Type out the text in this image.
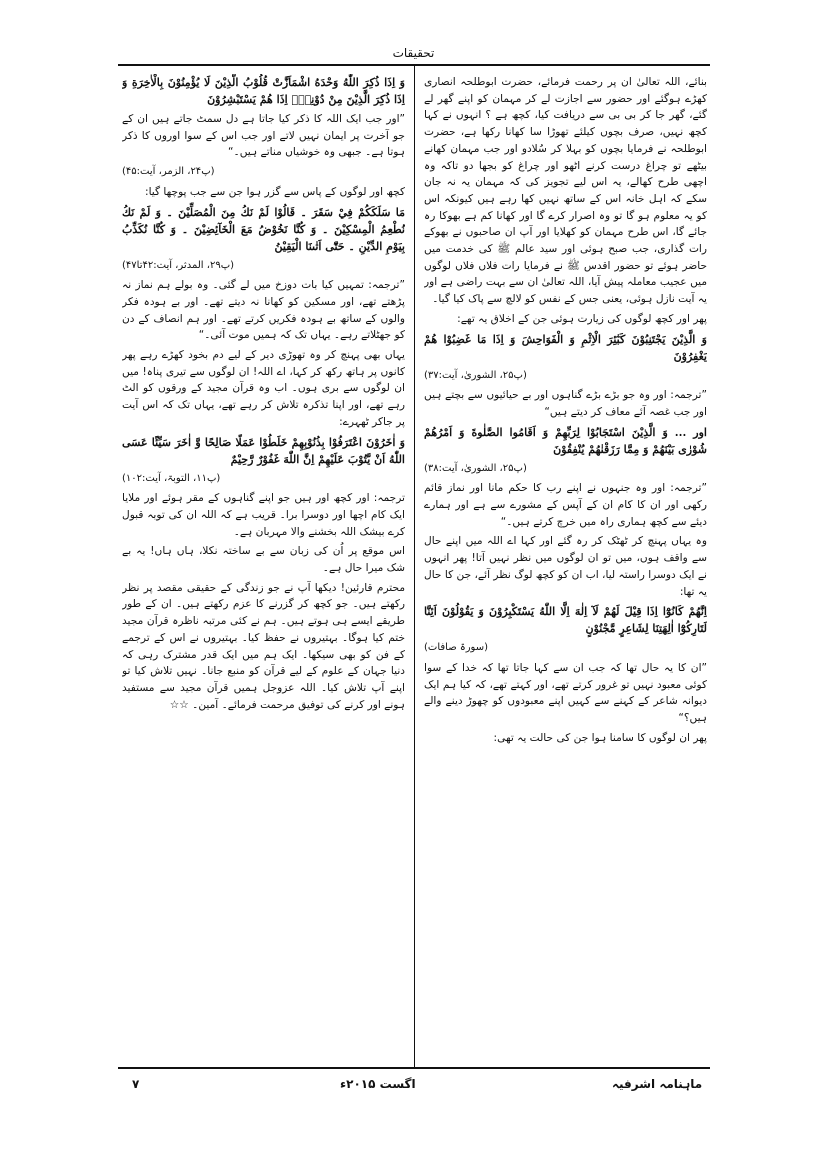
تحقیقات

بنائے، اللہ تعالیٰ ان پر رحمت فرمائے، حضرت ابوطلحہ انصاری کھڑے ہوگئے اور حضور سے اجازت لے کر مہمان کو اپنے گھر لے گئے، گھر جا کر بی بی سے دریافت کیا، کچھ ہے ؟ انہوں نے کہا کچھ نہیں، صرف بچوں کیلئے تھوڑا سا کھانا رکھا ہے، حضرت ابوطلحہ نے فرمایا بچوں کو بہلا کر سُلادو اور جب مہمان کھانے بیٹھے تو چراغ درست کرنے اٹھو اور چراغ کو بجھا دو تاکہ وہ اچھی طرح کھالے، یہ اس لیے تجویز کی کہ مہمان یہ نہ جان سکے کہ اہل خانہ اس کے ساتھ نہیں کھا رہے ہیں کیونکہ اس کو یہ معلوم ہو گا تو وہ اصرار کرے گا اور کھانا کم ہے بھوکا رہ جائے گا، اس طرح مہمان کو کھلایا اور آپ ان صاحبوں نے بھوکے رات گذاری، جب صبح ہوئی اور سید عالم ﷺ کی خدمت میں حاضر ہوئے تو حضور اقدس ﷺ نے فرمایا رات فلاں فلاں لوگوں میں عجیب معاملہ پیش آیا، اللہ تعالیٰ ان سے بہت راضی ہے اور یہ آیت نازل ہوئی، یعنی جس کے نفس کو لالچ سے پاک کیا گیا۔

پھر اور کچھ لوگوں کی زیارت ہوئی جن کے اخلاق یہ تھے:

وَ الَّذِيْنَ يَجْتَنِبُوْنَ كَبٰٓئِرَ الْاِثْمِ وَ الْفَوَاحِشَ وَ اِذَا مَا غَضِبُوْا هُمْ يَغْفِرُوْنَ

(پ۲۵، الشوریٰ، آیت:۳۷)

”ترجمہ: اور وہ جو بڑے بڑے گناہوں اور بے حیائیوں سے بچتے ہیں اور جب غصہ آئے معاف کر دیتے ہیں“

اور ... وَ الَّذِيْنَ اسْتَجَابُوْا لِرَبِّهِمْ وَ اَقَامُوا الصَّلٰوةَ وَ اَمْرُهُمْ شُوْرٰى بَيْنَهُمْ وَ مِمَّا رَزَقْنٰهُمْ يُنْفِقُوْنَ

(پ۲۵، الشوریٰ، آیت:۳۸)

”ترجمہ: اور وہ جنہوں نے اپنے رب کا حکم مانا اور نماز قائم رکھی اور ان کا کام ان کے آپس کے مشورے سے ہے اور ہمارے دیئے سے کچھ ہماری راہ میں خرچ کرتے ہیں۔“

وہ یہاں پہنچ کر ٹھٹک کر رہ گئے اور کہا اے اللہ میں اپنے حال سے واقف ہوں، میں تو ان لوگوں میں نظر نہیں آتا! پھر انہوں نے ایک دوسرا راستہ لیا، اب ان کو کچھ لوگ نظر آئے، جن کا حال یہ تھا:

اِنَّهُمْ كَانُوْٓا اِذَا قِيْلَ لَهُمْ لَآ اِلٰهَ اِلَّا اللّٰهُ يَسْتَكْبِرُوْنَ وَ يَقُوْلُوْنَ اَئِنَّا لَتَارِكُوْٓا اٰلِهَتِنَا لِشَاعِرٍ مَّجْنُوْنٍ

(سورۃ صافات)

”ان کا یہ حال تھا کہ جب ان سے کہا جاتا تھا کہ خدا کے سوا کوئی معبود نہیں تو غرور کرتے تھے، اور کہتے تھے، کہ کیا ہم ایک دیوانہ شاعر کے کہنے سے کہیں اپنے معبودوں کو چھوڑ دینے والے ہیں؟“

پھر ان لوگوں کا سامنا ہوا جن کی حالت یہ تھی:

وَ اِذَا ذُكِرَ اللّٰهُ وَحْدَهُ اشْمَاَزَّتْ قُلُوْبُ الَّذِيْنَ لَا يُؤْمِنُوْنَ بِالْاٰخِرَةِ وَ اِذَا ذُكِرَ الَّذِيْنَ مِنْ دُوْنِهٖٓ اِذَا هُمْ يَسْتَبْشِرُوْنَ

”اور جب ایک اللہ کا ذکر کیا جاتا ہے دل سمٹ جاتے ہیں ان کے جو آخرت پر ایمان نہیں لاتے اور جب اس کے سوا اوروں کا ذکر ہوتا ہے۔ جبھی وہ خوشیاں مناتے ہیں۔“

(پ۲۴، الزمر، آیت:۴۵)

کچھ اور لوگوں کے پاس سے گزر ہوا جن سے جب پوچھا گیا:

مَا سَلَكَكُمْ فِيْ سَقَرَ ۔ قَالُوْا لَمْ نَكُ مِنَ الْمُصَلِّيْنَ ۔ وَ لَمْ نَكُ نُطْعِمُ الْمِسْكِيْنَ ۔ وَ كُنَّا نَخُوْضُ مَعَ الْخَآئِضِيْنَ ۔ وَ كُنَّا نُكَذِّبُ بِيَوْمِ الدِّيْنِ ۔ حَتّٰٓى اَتٰىنَا الْيَقِيْنُ

(پ۲۹، المدثر، آیت:۴۲تا۴۷)

”ترجمہ: تمہیں کیا بات دوزخ میں لے گئی۔ وہ بولے ہم نماز نہ پڑھتے تھے، اور مسکین کو کھانا نہ دیتے تھے۔ اور بے ہودہ فکر والوں کے ساتھ بے ہودہ فکریں کرتے تھے۔ اور ہم انصاف کے دن کو جھٹلاتے رہے۔ یہاں تک کہ ہمیں موت آئی۔“

یہاں بھی پہنچ کر وہ تھوڑی دیر کے لیے دم بخود کھڑے رہے پھر کانوں پر ہاتھ رکھ کر کہا، اے اللہ! ان لوگوں سے تیری پناہ! میں ان لوگوں سے بری ہوں۔ اب وہ قرآن مجید کے ورقوں کو الٹ رہے تھے، اور اپنا تذکرہ تلاش کر رہے تھے، یہاں تک کہ اس آیت پر جاکر ٹھہرے:

وَ اٰخَرُوْنَ اعْتَرَفُوْا بِذُنُوْبِهِمْ خَلَطُوْا عَمَلًا صَالِحًا وَّ اٰخَرَ سَيِّئًا عَسَى اللّٰهُ اَنْ يَّتُوْبَ عَلَيْهِمْ اِنَّ اللّٰهَ غَفُوْرٌ رَّحِيْمٌ

(پ۱۱، التوبۃ، آیت:۱۰۲)

ترجمہ: اور کچھ اور ہیں جو اپنے گناہوں کے مقر ہوئے اور ملایا ایک کام اچھا اور دوسرا برا۔ قریب ہے کہ اللہ ان کی توبہ قبول کرے بیشک اللہ بخشنے والا مہربان ہے۔

اس موقع پر اُن کی زبان سے بے ساختہ نکلا، ہاں ہاں! یہ بے شک میرا حال ہے۔

محترم قارئین! دیکھا آپ نے جو زندگی کے حقیقی مقصد پر نظر رکھتے ہیں۔ جو کچھ کر گزرنے کا عزم رکھتے ہیں۔ ان کے طور طریقے ایسے ہی ہوتے ہیں۔ ہم نے کئی مرتبہ ناظرہ قرآن مجید ختم کیا ہوگا۔ بہتیروں نے حفظ کیا۔ بہتیروں نے اس کے ترجمے کے فن کو بھی سیکھا۔ ایک ہم میں ایک قدر مشترک رہی کہ دنیا جہان کے علوم کے لیے قرآن کو منبع جانا۔ نہیں تلاش کیا تو اپنے آپ تلاش کیا۔ اللہ عزوجل ہمیں قرآن مجید سے مستفید ہونے اور کرنے کی توفیق مرحمت فرمائے۔ آمین۔ ☆☆

ماہنامہ اشرفیہ
اگست ۲۰۱۵ء
۷
